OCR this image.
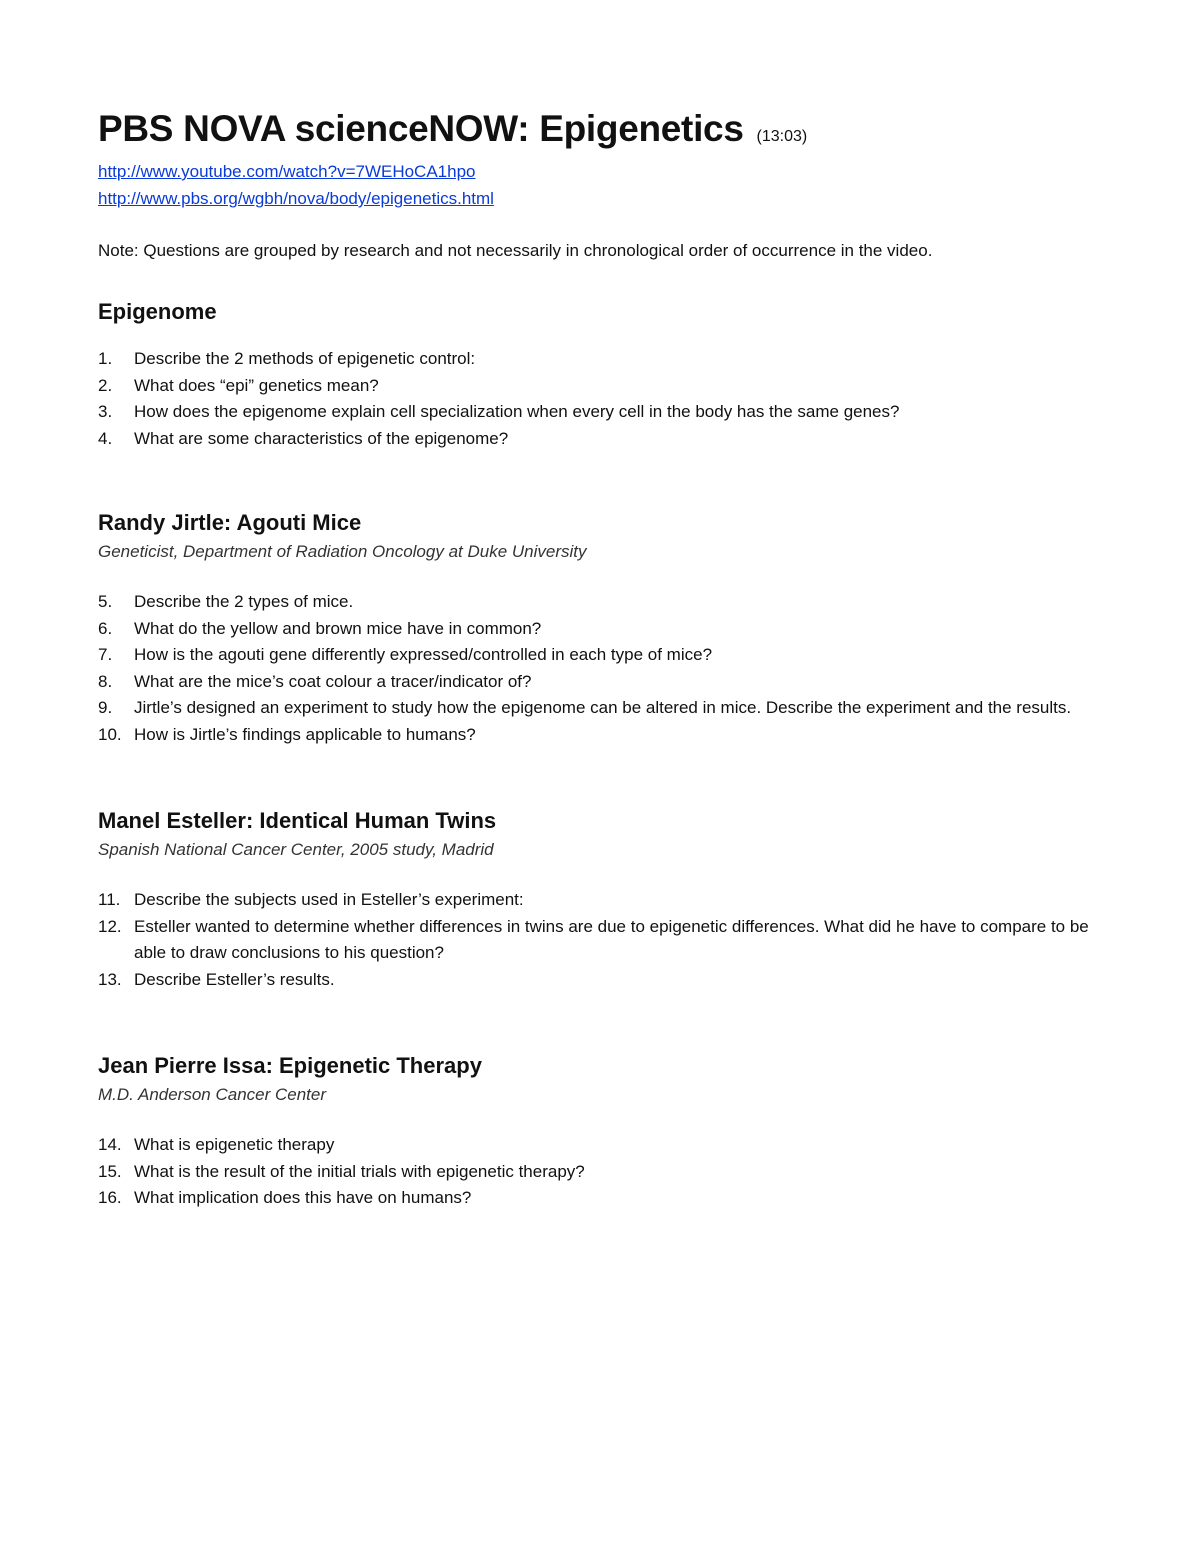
PBS NOVA scienceNOW: Epigenetics (13:03)
http://www.youtube.com/watch?v=7WEHoCA1hpo
http://www.pbs.org/wgbh/nova/body/epigenetics.html
Note: Questions are grouped by research and not necessarily in chronological order of occurrence in the video.
Epigenome
1. Describe the 2 methods of epigenetic control:
2. What does “epi” genetics mean?
3. How does the epigenome explain cell specialization when every cell in the body has the same genes?
4. What are some characteristics of the epigenome?
Randy Jirtle: Agouti Mice
Geneticist, Department of Radiation Oncology at Duke University
5. Describe the 2 types of mice.
6. What do the yellow and brown mice have in common?
7. How is the agouti gene differently expressed/controlled in each type of mice?
8. What are the mice’s coat colour a tracer/indicator of?
9. Jirtle’s designed an experiment to study how the epigenome can be altered in mice. Describe the experiment and the results.
10. How is Jirtle’s findings applicable to humans?
Manel Esteller: Identical Human Twins
Spanish National Cancer Center, 2005 study, Madrid
11. Describe the subjects used in Esteller’s experiment:
12. Esteller wanted to determine whether differences in twins are due to epigenetic differences. What did he have to compare to be able to draw conclusions to his question?
13. Describe Esteller’s results.
Jean Pierre Issa: Epigenetic Therapy
M.D. Anderson Cancer Center
14. What is epigenetic therapy
15. What is the result of the initial trials with epigenetic therapy?
16. What implication does this have on humans?
